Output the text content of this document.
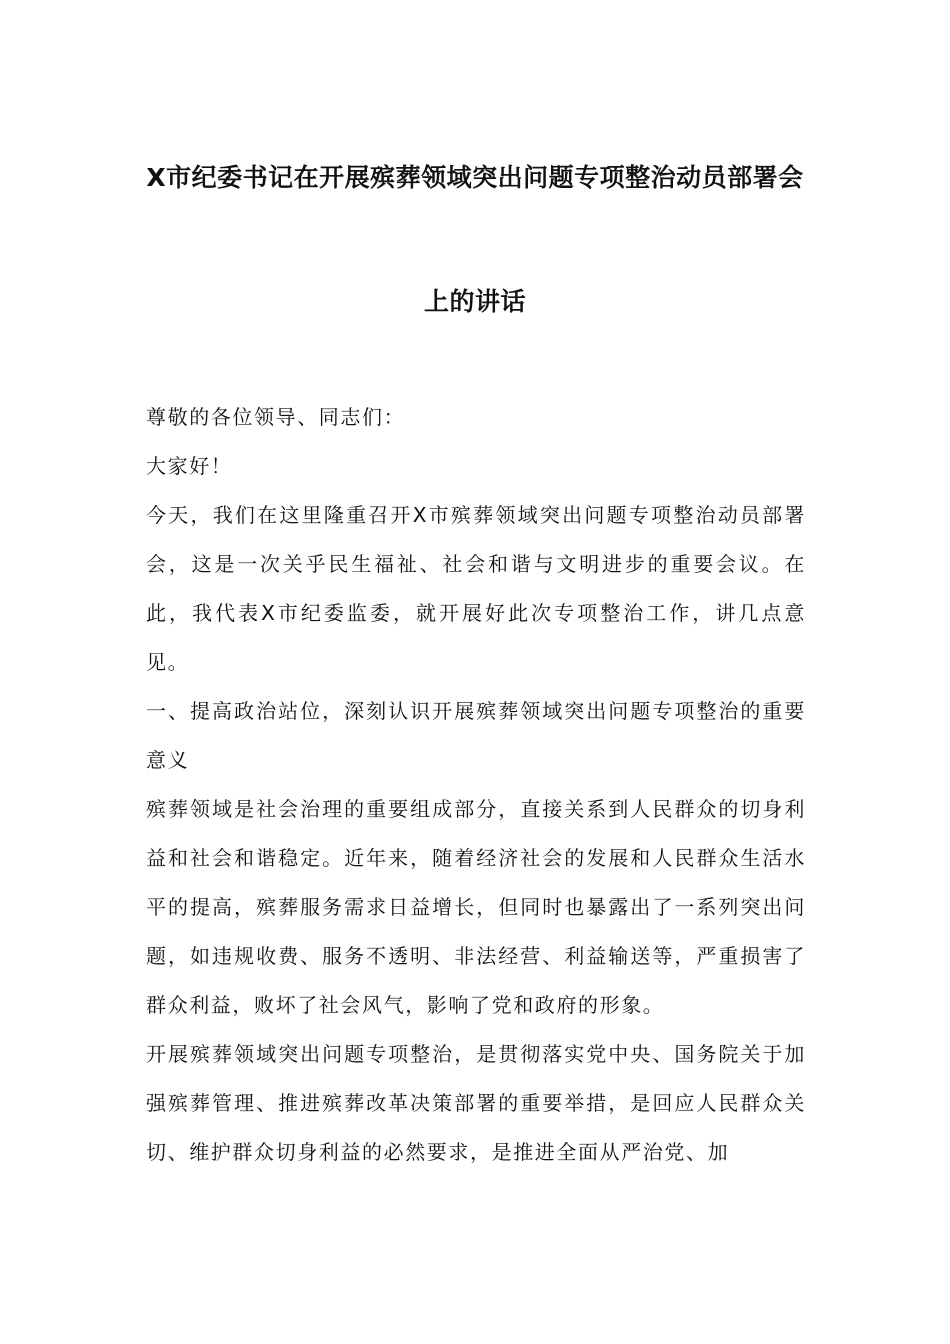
X市纪委书记在开展殡葬领域突出问题专项整治动员部署会
上的讲话

尊敬的各位领导、同志们：

大家好！

今天，我们在这里隆重召开X市殡葬领域突出问题专项整治动员部署会，这是一次关乎民生福祉、社会和谐与文明进步的重要会议。在此，我代表X市纪委监委，就开展好此次专项整治工作，讲几点意见。

一、提高政治站位，深刻认识开展殡葬领域突出问题专项整治的重要意义

殡葬领域是社会治理的重要组成部分，直接关系到人民群众的切身利益和社会和谐稳定。近年来，随着经济社会的发展和人民群众生活水平的提高，殡葬服务需求日益增长，但同时也暴露出了一系列突出问题，如违规收费、服务不透明、非法经营、利益输送等，严重损害了群众利益，败坏了社会风气，影响了党和政府的形象。

开展殡葬领域突出问题专项整治，是贯彻落实党中央、国务院关于加强殡葬管理、推进殡葬改革决策部署的重要举措，是回应人民群众关切、维护群众切身利益的必然要求，是推进全面从严治党、加
